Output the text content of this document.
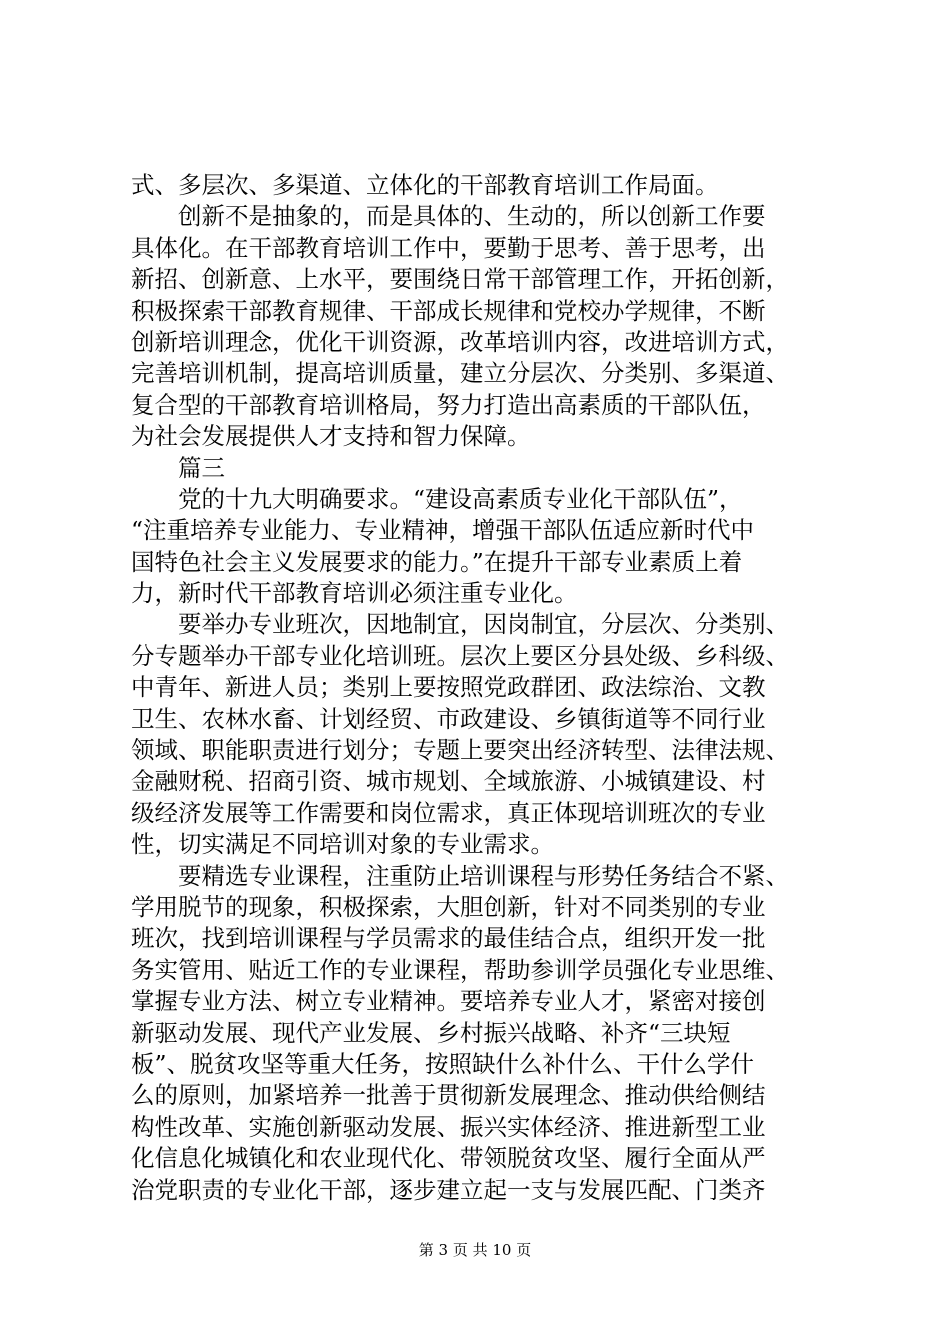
式、多层次、多渠道、立体化的干部教育培训工作局面。
创新不是抽象的，而是具体的、生动的，所以创新工作要
具体化。在干部教育培训工作中，要勤于思考、善于思考，出
新招、创新意、上水平，要围绕日常干部管理工作，开拓创新，
积极探索干部教育规律、干部成长规律和党校办学规律，不断
创新培训理念，优化干训资源，改革培训内容，改进培训方式，
完善培训机制，提高培训质量，建立分层次、分类别、多渠道、
复合型的干部教育培训格局，努力打造出高素质的干部队伍，
为社会发展提供人才支持和智力保障。
篇三
党的十九大明确要求。“建设高素质专业化干部队伍”，
“注重培养专业能力、专业精神，增强干部队伍适应新时代中
国特色社会主义发展要求的能力。”在提升干部专业素质上着
力，新时代干部教育培训必须注重专业化。
要举办专业班次，因地制宜，因岗制宜，分层次、分类别、
分专题举办干部专业化培训班。层次上要区分县处级、乡科级、
中青年、新进人员；类别上要按照党政群团、政法综治、文教
卫生、农林水畜、计划经贸、市政建设、乡镇街道等不同行业
领域、职能职责进行划分；专题上要突出经济转型、法律法规、
金融财税、招商引资、城市规划、全域旅游、小城镇建设、村
级经济发展等工作需要和岗位需求，真正体现培训班次的专业
性，切实满足不同培训对象的专业需求。
要精选专业课程，注重防止培训课程与形势任务结合不紧、
学用脱节的现象，积极探索，大胆创新，针对不同类别的专业
班次，找到培训课程与学员需求的最佳结合点，组织开发一批
务实管用、贴近工作的专业课程，帮助参训学员强化专业思维、
掌握专业方法、树立专业精神。要培养专业人才，紧密对接创
新驱动发展、现代产业发展、乡村振兴战略、补齐“三块短
板”、脱贫攻坚等重大任务，按照缺什么补什么、干什么学什
么的原则，加紧培养一批善于贯彻新发展理念、推动供给侧结
构性改革、实施创新驱动发展、振兴实体经济、推进新型工业
化信息化城镇化和农业现代化、带领脱贫攻坚、履行全面从严
治党职责的专业化干部，逐步建立起一支与发展匹配、门类齐
第 3 页 共 10 页
